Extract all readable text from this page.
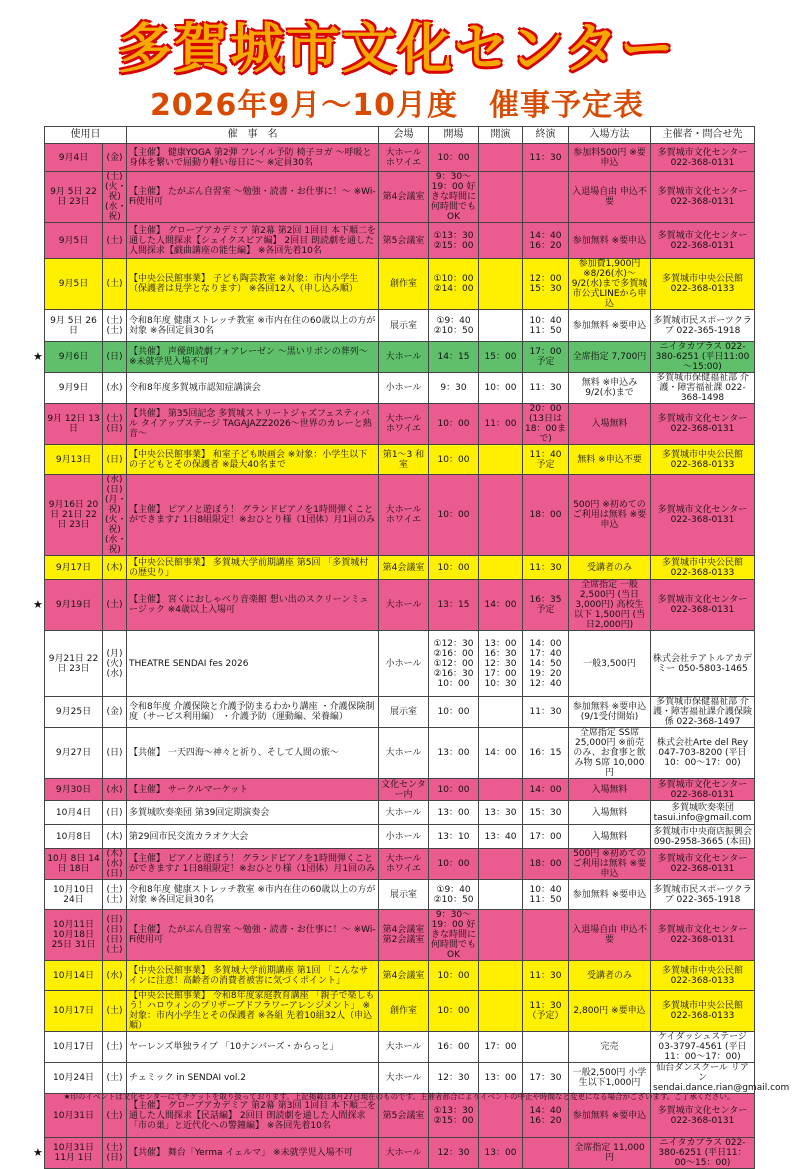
多賀城市文化センター
2026年9月～10月度　催事予定表
使用日		催　事　名	会場	開場	開演	終演	入場方法	主催者・問合せ先
9月4日	(金)	【主催】 健康YOGA 第2弾 フレイル予防 椅子ヨガ ～呼吸と身体を繋いで屈動り軽い毎日に～ ※定員30名	大ホール ホワイエ	10：00		11：30	参加料500円 ※要申込	多賀城市文化センター 022-368-0131
9月 5日 22日 23日	(土) (火・祝) (水・祝)	【主催】 たがぶん自習室 ～勉強・読書・お仕事に！～ ※Wi-Fi使用可	第4会議室	9：30～19：00 好きな時間に何時間でもOK			入退場自由 申込不要	多賀城市文化センター 022-368-0131
9月5日	(土)	【主催】 グローブアカデミア 第2幕 第2回 1回目 本下順二を通した人間探求【シェイクスピア編】 2回目 朗読劇を通した人間探求【戯曲講座の能生編】 ※各回先着10名	第5会議室	①13：30 ②15：00		14：40 16：20	参加無料 ※要申込	多賀城市文化センター 022-368-0131
9月5日	(土)	【中央公民館事業】 子ども陶芸教室 ※対象：市内小学生（保護者は見学となります） ※各回12人（申し込み順）	創作室	①10：00 ②14：00		12：00 15：30	参加費1,900円 ※8/26(水)～9/2(水)まで多賀城市公式LINEから申込	多賀城市中央公民館 022-368-0133
9月 5日 26日	(土) (土)	令和8年度 健康ストレッチ教室 ※市内在住の60歳以上の方が対象 ※各回定員30名	展示室	①9：40 ②10：50		10：40 11：50	参加無料 ※要申込	多賀城市民スポーツクラブ 022-365-1918
9月6日	(日)	【共催】 声優朗読劇フォアレーゼン ～黒いリボンの葬列～ ※未就学児入場不可	大ホール	14：15	15：00	17：00 予定	全席指定 7,700円	ニイタカプラス 022-380-6251 (平日11:00～15:00)
9月9日	(水)	令和8年度多賀城市認知症講演会	小ホール	9：30	10：00	11：30	無料 ※申込み9/2(水)まで	多賀城市保健福祉部 介護・障害福祉課 022-368-1498
9月 12日 13日	(土) (日)	【共催】 第35回記念 多賀城ストリートジャズフェスティバル タイアップステージ TAGAJAZZ2026～世界のカレーと熱音～	大ホール ホワイエ	10：00	11：00	20：00 (13日は 18：00まで)	入場無料	多賀城市文化センター 022-368-0131
9月13日	(日)	【中央公民館事業】 和室子ども映画会 ※対象：小学生以下の子どもとその保護者 ※最大40名まで	第1～3 和室	10：00		11：40 予定	無料 ※申込不要	多賀城市中央公民館 022-368-0133
9月16日 20日 21日 22日 23日	(水) (日) (月・祝) (火・祝) (水・祝)	【主催】 ピアノと遊ぼう！ グランドピアノを1時間弾くことができます♪ 1日8組限定！※おひとり様（1団体）月1回のみ	大ホール ホワイエ	10：00		18：00	500円 ※初めての ご利用は無料 ※要申込	多賀城市文化センター 022-368-0131
9月17日	(木)	【中央公民館事業】 多賀城大学前期講座 第5回 「多賀城村の歴史り」	第4会議室	10：00		11：30	受講者のみ	多賀城市中央公民館 022-368-0133
9月19日	(土)	【主催】 宮くにおしゃべり音楽館 想い出のスクリーンミュージック ※4歳以上入場可	大ホール	13：15	14：00	16：35 予定	全席指定 一般2,500円 (当日3,000円) 高校生以下 1,500円 (当日2,000円)	多賀城市文化センター 022-368-0131
9月21日 22日 23日	(月) (火) (水)	THEATRE SENDAI fes 2026	小ホール	①12：30 ②16：00 ①12：00 ②16：30 10：00	13：00 16：30 12：30 17：00 10：30	14：00 17：40 14：50 19：20 12：40	一般3,500円	株式会社テアトルアカデミー 050-5803-1465
9月25日	(金)	令和8年度 介護保険と介護予防まるわかり講座 ・介護保険制度（サービス利用編） ・介護予防（運動編、栄養編）	展示室	10：00		11：30	参加無料 ※要申込 (9/1受付開始)	多賀城市保健福祉部 介護・障害福祉課介護保険係 022-368-1497
9月27日	(日)	【共催】 一天四海～神々と祈り、そして人間の旅～	大ホール	13：00	14：00	16：15	全席指定 SS席 25,000円 ※前売のみ、お食事と飲み物 S席 10,000円	株式会社Arte del Rey 047-703-8200 (平日10：00～17：00)
9月30日	(水)	【主催】 サークルマーケット	文化センター内	10：00		14：00	入場無料	多賀城市文化センター 022-368-0131
10月4日	(日)	多賀城吹奏楽団 第39回定期演奏会	大ホール	13：00	13：30	15：30	入場無料	多賀城吹奏楽団 tasui.info@gmail.com
10月8日	(木)	第29回市民交流カラオケ大会	小ホール	13：10	13：40	17：00	入場無料	多賀城市中央商店振興会 090-2958-3665 (本田)
10月 8日 14日 18日	(木) (水) (日)	【主催】 ピアノと遊ぼう！ グランドピアノを1時間弾くことができます♪ 1日8組限定！※おひとり様（1団体）月1回のみ	大ホール ホワイエ	10：00		18：00	500円 ※初めての ご利用は無料 ※要申込	多賀城市文化センター 022-368-0131
10月10日 24日	(土) (土)	令和8年度 健康ストレッチ教室 ※市内在住の60歳以上の方が対象 ※各回定員30名	展示室	①9：40 ②10：50		10：40 11：50	参加無料 ※要申込	多賀城市民スポーツクラブ 022-365-1918
10月11日 10月18日 25日 31日	(日) (日) (日) (土)	【主催】 たがぶん自習室 ～勉強・読書・お仕事に！～ ※Wi-Fi使用可	第4会議室 第2会議室	9：30～19：00 好きな時間に何時間でもOK			入退場自由 申込不要	多賀城市文化センター 022-368-0131
10月14日	(水)	【中央公民館事業】 多賀城大学前期講座 第1回 「こんなサインに注意！高齢者の消費者被害に気づくポイント」	第4会議室	10：00		11：30	受講者のみ	多賀城市中央公民館 022-368-0133
10月17日	(土)	【中央公民館事業】 令和8年度家庭教育講座 「親子で楽しもう！ハロウィンのプリザーブドフラワーアレンジメント」 ※対象：市内小学生とその保護者 ※各組 先着10組32人（申込順）	創作室	10：00		11：30 （予定）	2,800円 ※要申込	多賀城市中央公民館 022-368-0133
10月17日	(土)	ヤーレンズ単独ライブ 「10ナンバーズ・からっと」	大ホール	16：00	17：00		完売	ケイダッシュステージ 03-3797-4561 (平日11：00～17：00)
10月24日	(土)	チェミック in SENDAI vol.2	大ホール	12：30	13：00	17：30	一般2,500円 小学生以下1,000円	仙台ダンスクール リアン sendai.dance.rian@gmail.com
10月31日	(土)	【主催】 グローブアカデミア 第2幕 第3回 1回目 本下順二を通した人間探求【民話編】 2回目 朗読劇を通した人間探求 「市の巣」と近代化への警鐘編】 ※各回先着10名	第5会議室	①13：30 ②15：00		14：40 16：20	参加無料 ※要申込	多賀城市文化センター 022-368-0131
10月31日 11月 1日	(土) (日)	【共催】 舞台「Yerma イェルマ」 ※未就学児入場不可	大ホール	12：30	13：00		全席指定 11,000円	ニイタカプラス 022-380-6251 (平日11：00～15：00)
★印のイベントは文化センターにてチケットを取り扱っております。上記掲載は8月27日現在のものです。主催者都合によりイベントの中止や時間など変更になる場合がございます。ご了承ください。
★
★
★
